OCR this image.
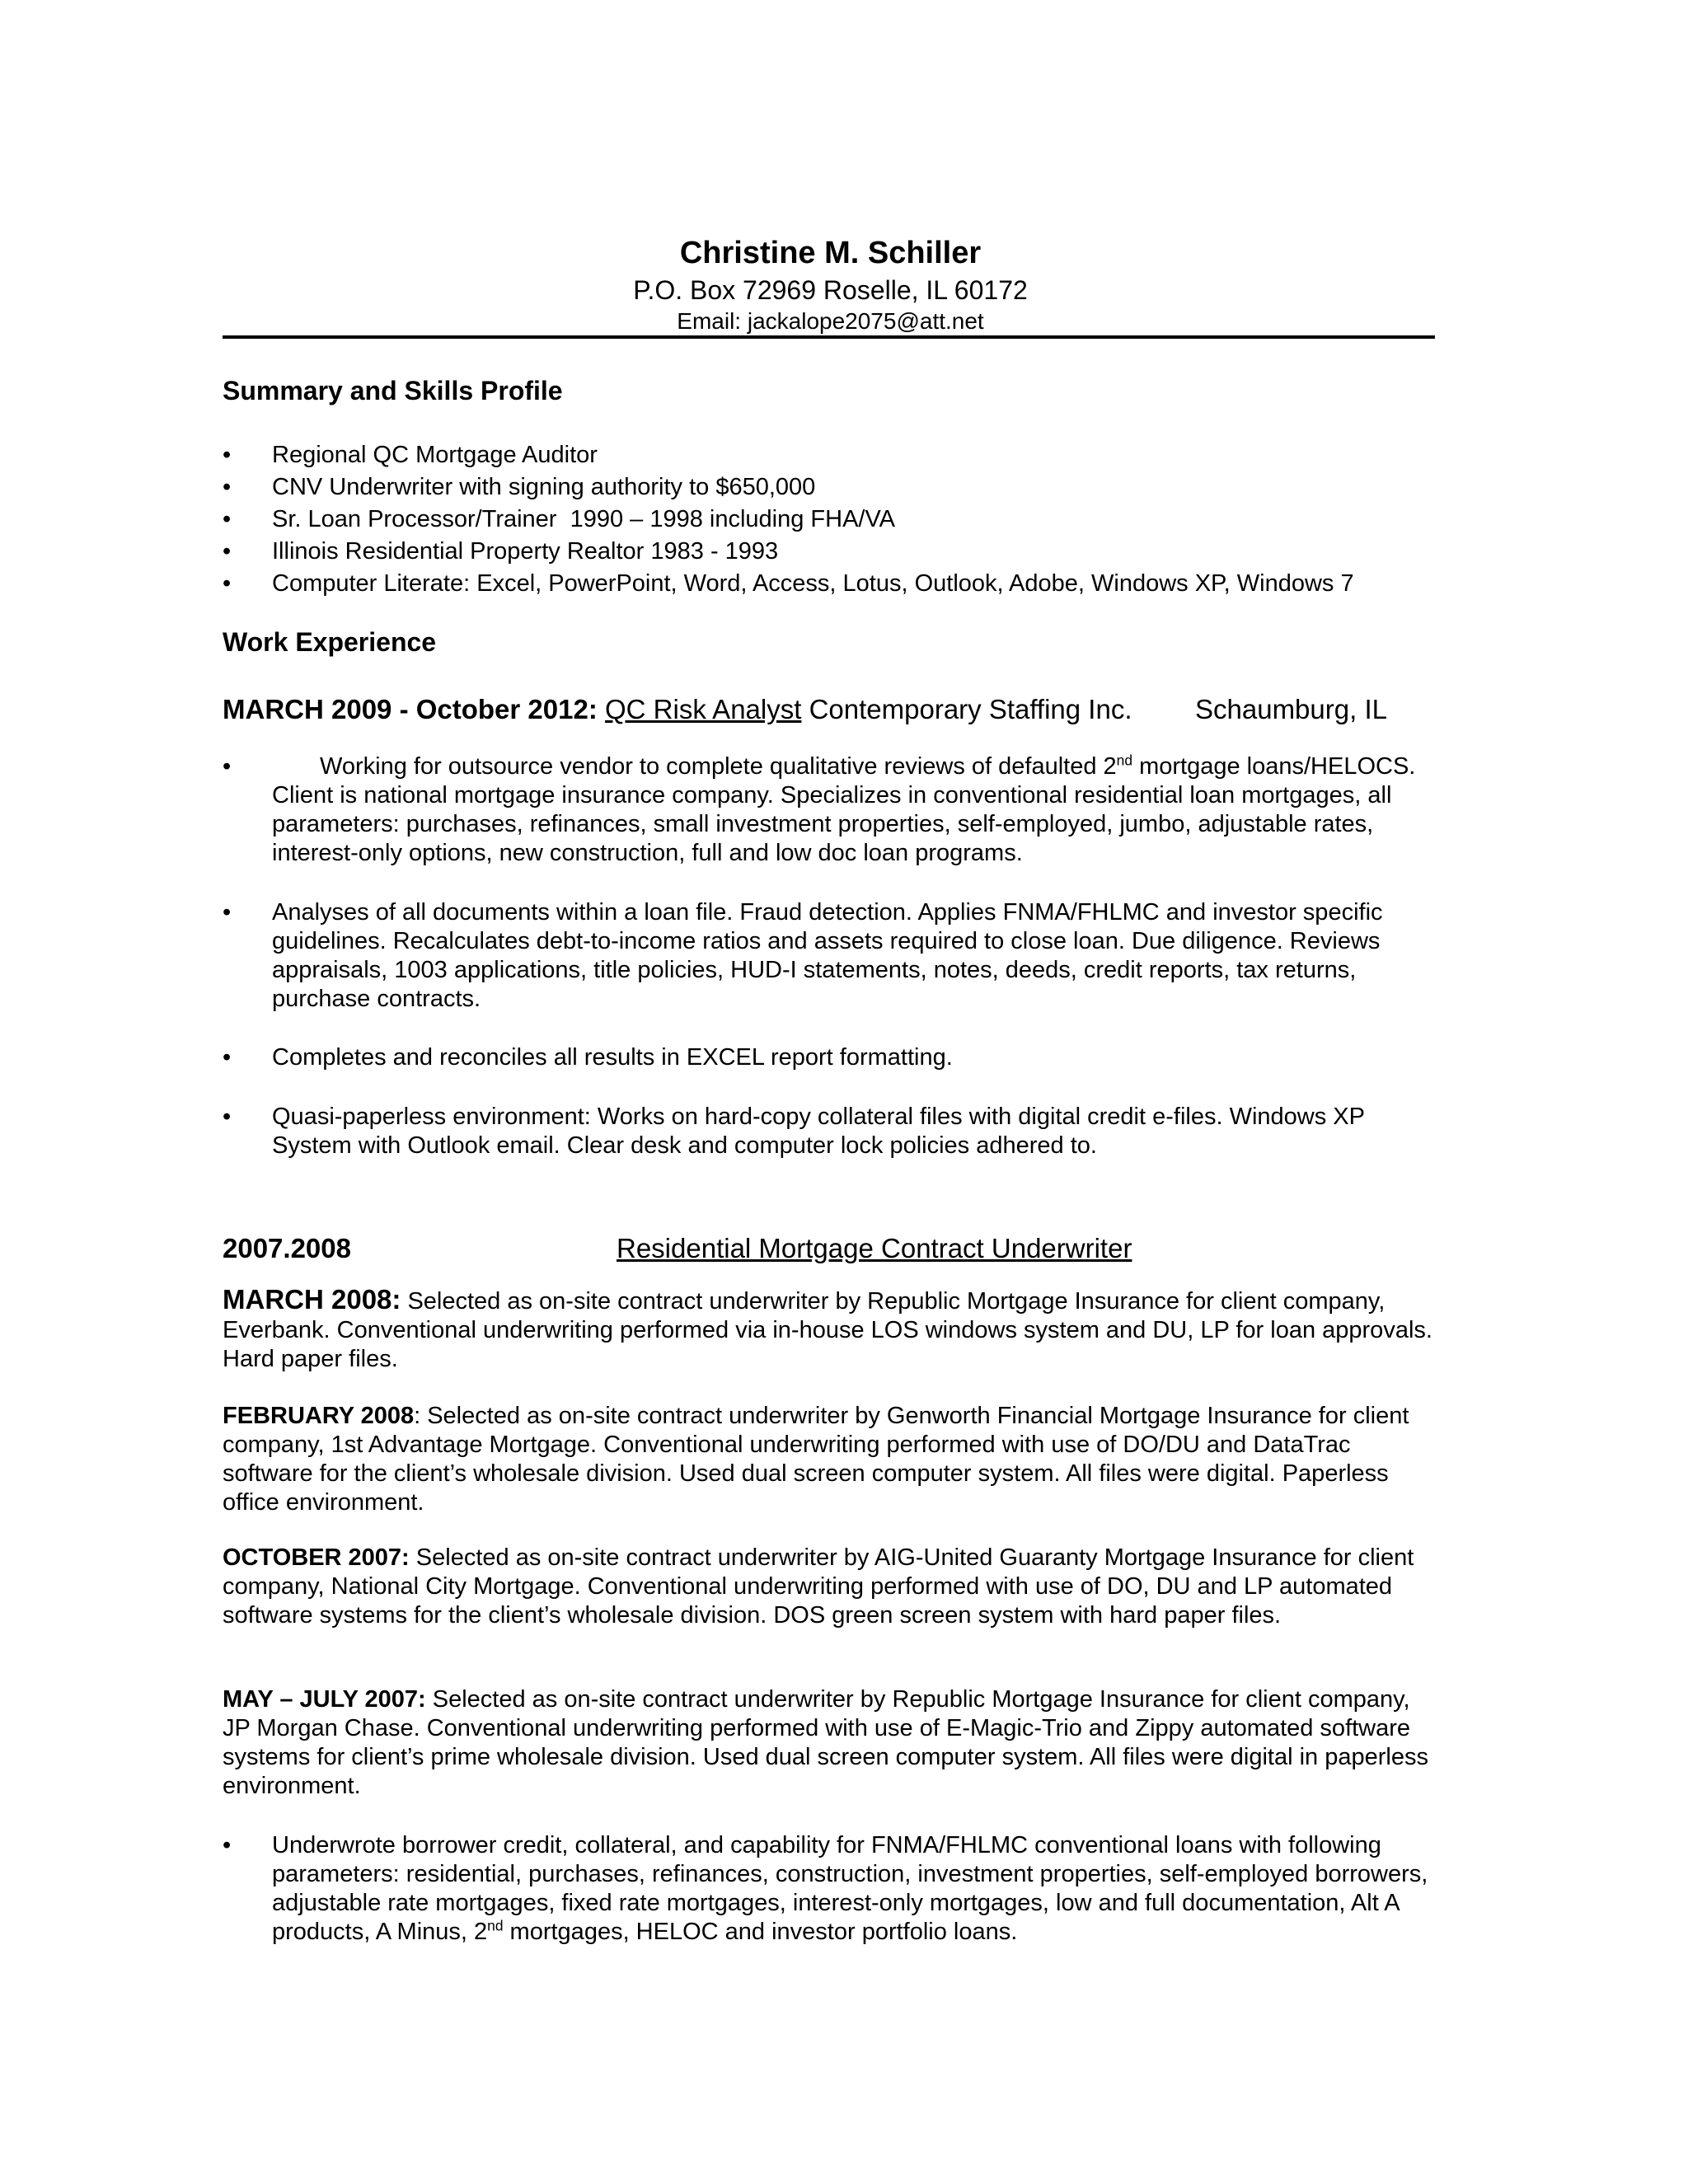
Christine M. Schiller
P.O. Box 72969 Roselle, IL 60172
Email: jackalope2075@att.net
Summary and Skills Profile
•	Regional QC Mortgage Auditor
•	CNV Underwriter with signing authority to $650,000
•	Sr. Loan Processor/Trainer  1990 – 1998 including FHA/VA
•	Illinois Residential Property Realtor 1983 - 1993
•	Computer Literate: Excel, PowerPoint, Word, Access, Lotus, Outlook, Adobe, Windows XP, Windows 7
Work Experience
MARCH 2009 - October 2012: QC Risk Analyst Contemporary Staffing Inc. Schaumburg, IL
•	Working for outsource vendor to complete qualitative reviews of defaulted 2nd mortgage loans/HELOCS. Client is national mortgage insurance company. Specializes in conventional residential loan mortgages, all parameters: purchases, refinances, small investment properties, self-employed, jumbo, adjustable rates, interest-only options, new construction, full and low doc loan programs.
•	Analyses of all documents within a loan file. Fraud detection. Applies FNMA/FHLMC and investor specific guidelines. Recalculates debt-to-income ratios and assets required to close loan. Due diligence. Reviews appraisals, 1003 applications, title policies, HUD-I statements, notes, deeds, credit reports, tax returns, purchase contracts.
•	Completes and reconciles all results in EXCEL report formatting.
•	Quasi-paperless environment: Works on hard-copy collateral files with digital credit e-files. Windows XP System with Outlook email. Clear desk and computer lock policies adhered to.
2007.2008	Residential Mortgage Contract Underwriter
MARCH 2008: Selected as on-site contract underwriter by Republic Mortgage Insurance for client company, Everbank. Conventional underwriting performed via in-house LOS windows system and DU, LP for loan approvals. Hard paper files.
FEBRUARY 2008: Selected as on-site contract underwriter by Genworth Financial Mortgage Insurance for client company, 1st Advantage Mortgage. Conventional underwriting performed with use of DO/DU and DataTrac software for the client’s wholesale division. Used dual screen computer system. All files were digital. Paperless office environment.
OCTOBER 2007: Selected as on-site contract underwriter by AIG-United Guaranty Mortgage Insurance for client company, National City Mortgage. Conventional underwriting performed with use of DO, DU and LP automated software systems for the client’s wholesale division. DOS green screen system with hard paper files.
MAY – JULY 2007: Selected as on-site contract underwriter by Republic Mortgage Insurance for client company, JP Morgan Chase. Conventional underwriting performed with use of E-Magic-Trio and Zippy automated software systems for client’s prime wholesale division. Used dual screen computer system. All files were digital in paperless environment.
•	Underwrote borrower credit, collateral, and capability for FNMA/FHLMC conventional loans with following parameters: residential, purchases, refinances, construction, investment properties, self-employed borrowers, adjustable rate mortgages, fixed rate mortgages, interest-only mortgages, low and full documentation, Alt A products, A Minus, 2nd mortgages, HELOC and investor portfolio loans.
